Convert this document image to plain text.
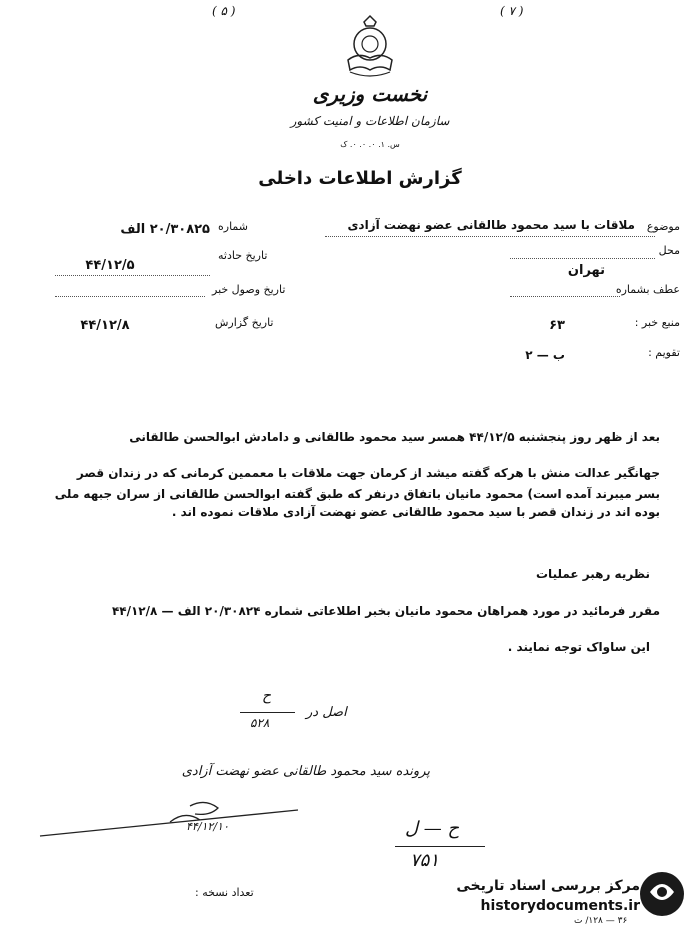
( ۵ )	( ۷ )
نخست وزیری
سازمان اطلاعات و امنیت کشور
س. ۱. ۰. ۰. ۰. ک
گزارش اطلاعات داخلی
موضوع
ملاقات با سید محمود طالقانی عضو نهضت آزادی
محل
تهران
عطف بشماره
منبع خبر :
۶۳
تقویم :
ب — ۲
شماره
۲۰/۳۰۸۲۵ الف
تاریخ حادثه
۴۴/۱۲/۵
تاریخ وصول خبر
تاریخ گزارش
۴۴/۱۲/۸
بعد از ظهر روز پنجشنبه ۴۴/۱۲/۵ همسر سید محمود طالقانی و دامادش ابوالحسن طالقانی
جهانگیر عدالت منش با هرکه گفته میشد از کرمان جهت ملاقات با معممین کرمانی که در زندان قصر
بسر میبرند آمده است) محمود مانیان باتفاق درنفر که طبق گفته ابوالحسن طالقانی از سران جبهه ملی
بوده اند در زندان قصر با سید محمود طالقانی عضو نهضت آزادی ملاقات نموده اند .
نظریه رهبر عملیات
مقرر فرمائید در مورد همراهان محمود مانیان بخبر اطلاعاتی شماره ۲۰/۳۰۸۲۴ الف — ۴۴/۱۲/۸
این ساواک توجه نمایند .
اصل در
ح
۵۲۸
پرونده سید محمود طالقانی عضو نهضت آزادی
۴۴/۱۲/۱۰	ح — ل
۷۵۱
تعداد نسخه :
۳۶ — ۱۲۸/ ت
مرکز بررسی اسناد تاریخی
historydocuments.ir
